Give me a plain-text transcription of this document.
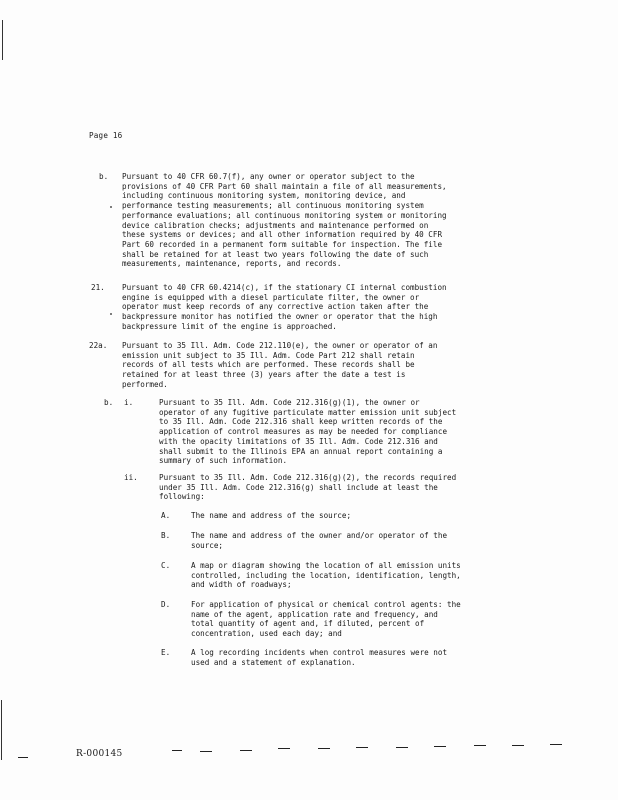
Page 16
b. Pursuant to 40 CFR 60.7(f), any owner or operator subject to the
provisions of 40 CFR Part 60 shall maintain a file of all measurements,
including continuous monitoring system, monitoring device, and
performance testing measurements; all continuous monitoring system
performance evaluations; all continuous monitoring system or monitoring
device calibration checks; adjustments and maintenance performed on
these systems or devices; and all other information required by 40 CFR
Part 60 recorded in a permanent form suitable for inspection. The file
shall be retained for at least two years following the date of such
measurements, maintenance, reports, and records.
21. Pursuant to 40 CFR 60.4214(c), if the stationary CI internal combustion
engine is equipped with a diesel particulate filter, the owner or
operator must keep records of any corrective action taken after the
backpressure monitor has notified the owner or operator that the high
backpressure limit of the engine is approached.
22a. Pursuant to 35 Ill. Adm. Code 212.110(e), the owner or operator of an
emission unit subject to 35 Ill. Adm. Code Part 212 shall retain
records of all tests which are performed. These records shall be
retained for at least three (3) years after the date a test is
performed.
b. i.	Pursuant to 35 Ill. Adm. Code 212.316(g)(1), the owner or
operator of any fugitive particulate matter emission unit subject
to 35 Ill. Adm. Code 212.316 shall keep written records of the
application of control measures as may be needed for compliance
with the opacity limitations of 35 Ill. Adm. Code 212.316 and
shall submit to the Illinois EPA an annual report containing a
summary of such information.
ii.	Pursuant to 35 Ill. Adm. Code 212.316(g)(2), the records required
under 35 Ill. Adm. Code 212.316(g) shall include at least the
following:
A.	The name and address of the source;
B.	The name and address of the owner and/or operator of the
source;
C.	A map or diagram showing the location of all emission units
controlled, including the location, identification, length,
and width of roadways;
D.	For application of physical or chemical control agents: the
name of the agent, application rate and frequency, and
total quantity of agent and, if diluted, percent of
concentration, used each day; and
E.	A log recording incidents when control measures were not
used and a statement of explanation.
R-000145
